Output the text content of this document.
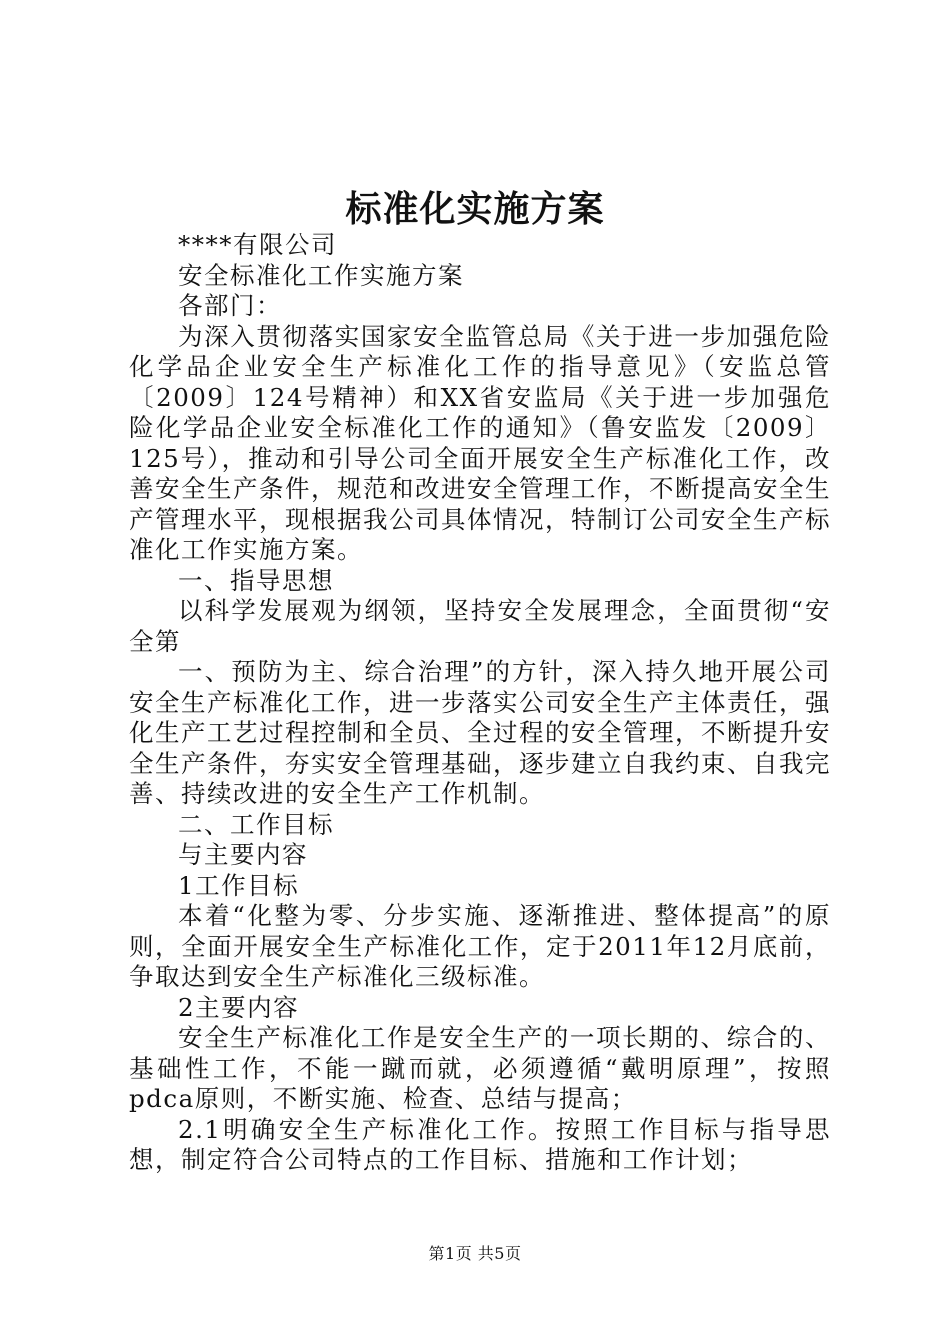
标准化实施方案

****有限公司

安全标准化工作实施方案

各部门：

为深入贯彻落实国家安全监管总局《关于进一步加强危险化学品企业安全生产标准化工作的指导意见》（安监总管〔2009〕124号精神）和XX省安监局《关于进一步加强危险化学品企业安全标准化工作的通知》（鲁安监发〔2009〕125号），推动和引导公司全面开展安全生产标准化工作，改善安全生产条件，规范和改进安全管理工作，不断提高安全生产管理水平，现根据我公司具体情况，特制订公司安全生产标准化工作实施方案。

一、指导思想

以科学发展观为纲领，坚持安全发展理念，全面贯彻“安全第

一、预防为主、综合治理”的方针，深入持久地开展公司安全生产标准化工作，进一步落实公司安全生产主体责任，强化生产工艺过程控制和全员、全过程的安全管理，不断提升安全生产条件，夯实安全管理基础，逐步建立自我约束、自我完善、持续改进的安全生产工作机制。

二、工作目标

与主要内容

1工作目标

本着“化整为零、分步实施、逐渐推进、整体提高”的原则，全面开展安全生产标准化工作，定于2011年12月底前，争取达到安全生产标准化三级标准。

2主要内容

安全生产标准化工作是安全生产的一项长期的、综合的、基础性工作，不能一蹴而就，必须遵循“戴明原理”，按照pdca原则，不断实施、检查、总结与提高；

2.1明确安全生产标准化工作。按照工作目标与指导思想，制定符合公司特点的工作目标、措施和工作计划；

第1页 共5页
